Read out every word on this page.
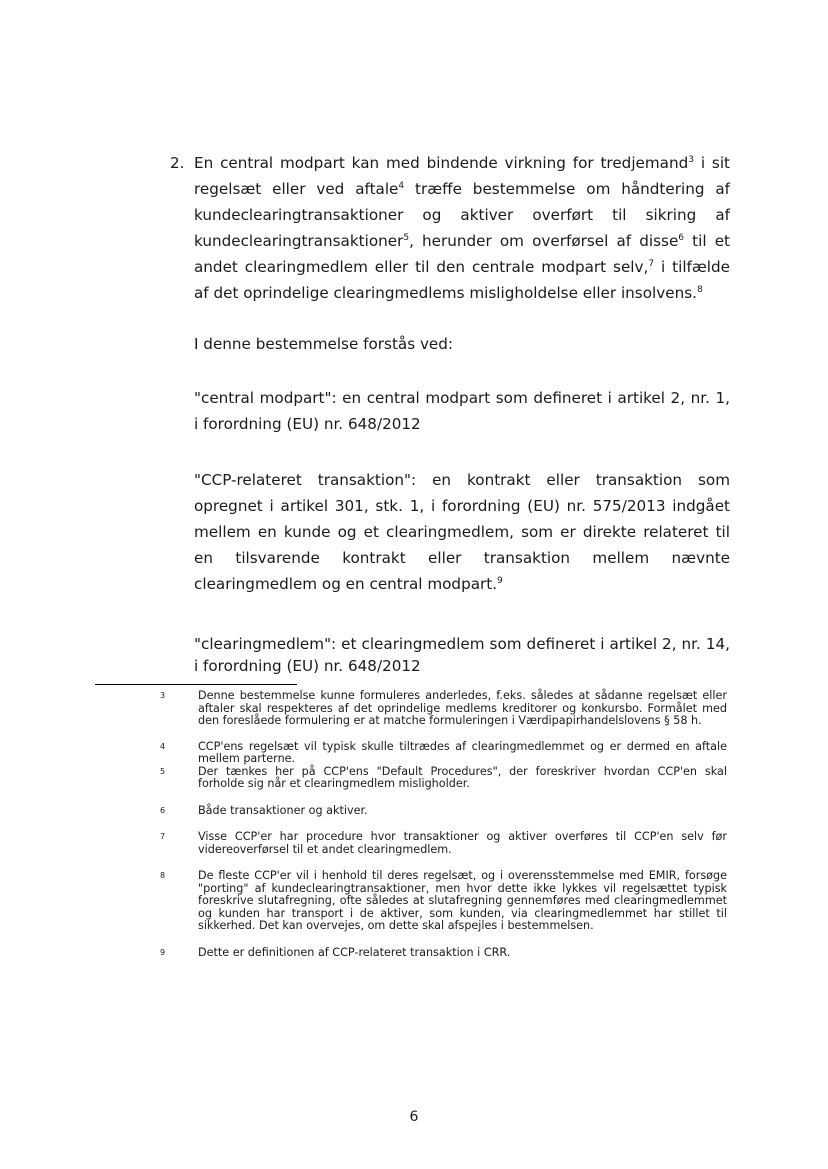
2. En central modpart kan med bindende virkning for tredjemand$^3$ i sit regelsæt eller ved aftale$^4$ træffe bestemmelse om håndtering af kundeclearingtransaktioner og aktiver overført til sikring af kundeclearingtransaktioner$^5$, herunder om overførsel af disse$^6$ til et andet clearingmedlem eller til den centrale modpart selv,$^7$ i tilfælde af det oprindelige clearingmedlems misligholdelse eller insolvens.$^8$

I denne bestemmelse forstås ved:

"central modpart": en central modpart som defineret i artikel 2, nr. 1, i forordning (EU) nr. 648/2012

"CCP-relateret transaktion": en kontrakt eller transaktion som opregnet i artikel 301, stk. 1, i forordning (EU) nr. 575/2013 indgået mellem en kunde og et clearingmedlem, som er direkte relateret til en tilsvarende kontrakt eller transaktion mellem nævnte clearingmedlem og en central modpart.$^9$

"clearingmedlem": et clearingmedlem som defineret i artikel 2, nr. 14, i forordning (EU) nr. 648/2012

3	Denne bestemmelse kunne formuleres anderledes, f.eks. således at sådanne regelsæt eller aftaler skal respekteres af det oprindelige medlems kreditorer og konkursbo. Formålet med den foreslåede formulering er at matche formuleringen i Værdipapirhandelslovens § 58 h.
4	CCP'ens regelsæt vil typisk skulle tiltrædes af clearingmedlemmet og er dermed en aftale mellem parterne.
5	Der tænkes her på CCP'ens "Default Procedures", der foreskriver hvordan CCP'en skal forholde sig når et clearingmedlem misligholder.
6	Både transaktioner og aktiver.
7	Visse CCP'er har procedure hvor transaktioner og aktiver overføres til CCP'en selv før videreoverførsel til et andet clearingmedlem.
8	De fleste CCP'er vil i henhold til deres regelsæt, og i overensstemmelse med EMIR, forsøge "porting" af kundeclearingtransaktioner, men hvor dette ikke lykkes vil regelsættet typisk foreskrive slutafregning, ofte således at slutafregning gennemføres med clearingmedlemmet og kunden har transport i de aktiver, som kunden, via clearingmedlemmet har stillet til sikkerhed. Det kan overvejes, om dette skal afspejles i bestemmelsen.
9	Dette er definitionen af CCP-relateret transaktion i CRR.
6
